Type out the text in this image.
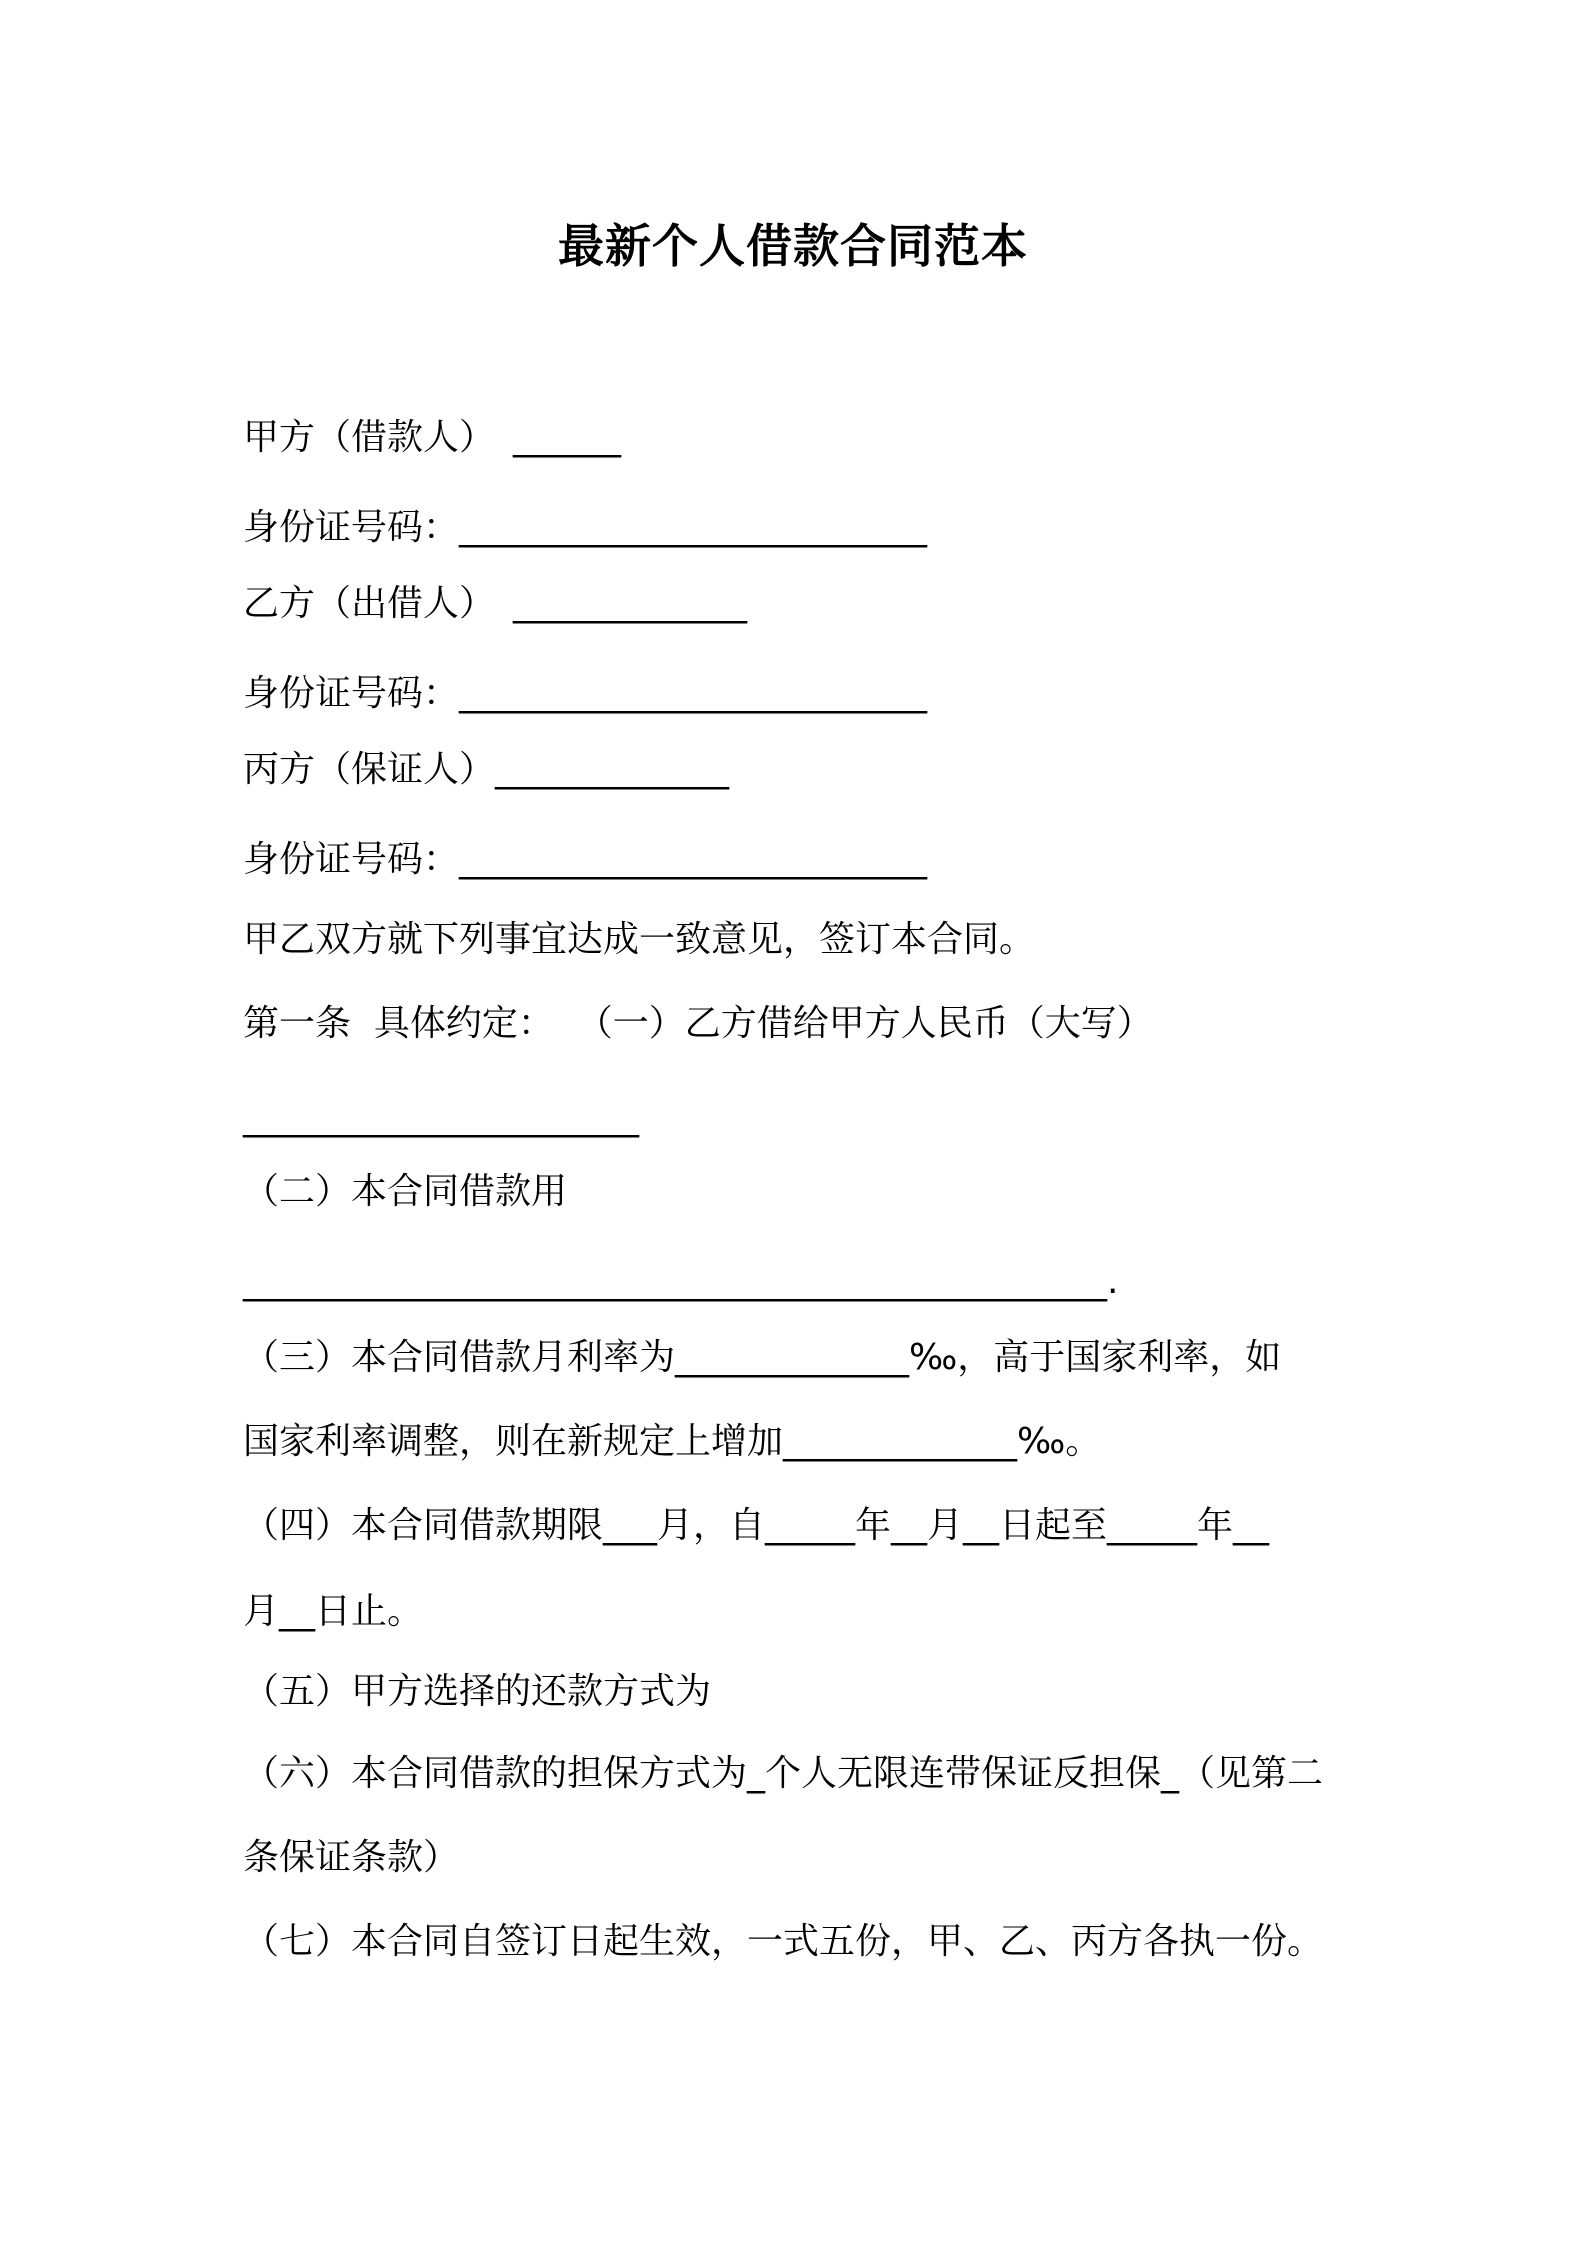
最新个人借款合同范本
甲方（借款人）　______
身份证号码：__________________________
乙方（出借人）　_____________
身份证号码：__________________________
丙方（保证人）_____________
身份证号码：__________________________
甲乙双方就下列事宜达成一致意见，签订本合同。
第一条  具体约定：  （一）乙方借给甲方人民币（大写）
______________________
（二）本合同借款用
________________________________________________.
（三）本合同借款月利率为_____________‰，高于国家利率，如
国家利率调整，则在新规定上增加_____________‰。
（四）本合同借款期限___月，自_____年__月__日起至_____年__
月__日止。
（五）甲方选择的还款方式为
（六）本合同借款的担保方式为_个人无限连带保证反担保_（见第二
条保证条款）
（七）本合同自签订日起生效，一式五份，甲、乙、丙方各执一份。
